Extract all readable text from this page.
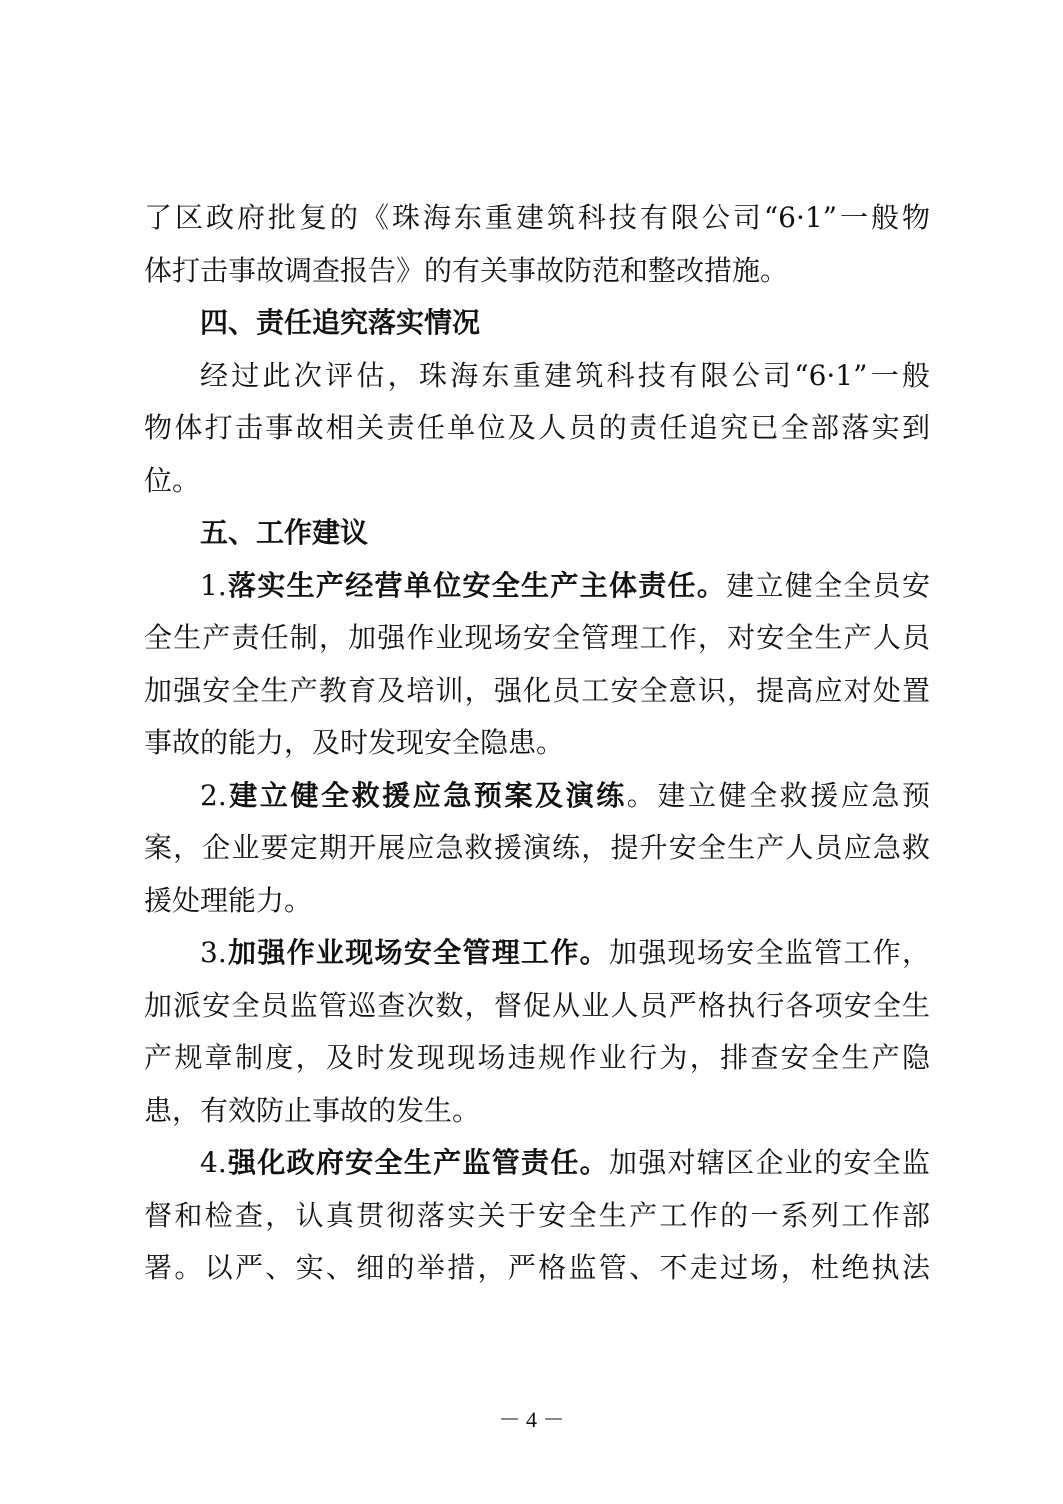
了区政府批复的《珠海东重建筑科技有限公司“6·1”一般物
体打击事故调查报告》的有关事故防范和整改措施。
四、责任追究落实情况
经过此次评估，珠海东重建筑科技有限公司“6·1”一般
物体打击事故相关责任单位及人员的责任追究已全部落实到
位。
五、工作建议
1.落实生产经营单位安全生产主体责任。建立健全全员安
全生产责任制，加强作业现场安全管理工作，对安全生产人员
加强安全生产教育及培训，强化员工安全意识，提高应对处置
事故的能力，及时发现安全隐患。
2.建立健全救援应急预案及演练。建立健全救援应急预
案，企业要定期开展应急救援演练，提升安全生产人员应急救
援处理能力。
3.加强作业现场安全管理工作。加强现场安全监管工作，
加派安全员监管巡查次数，督促从业人员严格执行各项安全生
产规章制度，及时发现现场违规作业行为，排查安全生产隐
患，有效防止事故的发生。
4.强化政府安全生产监管责任。加强对辖区企业的安全监
督和检查，认真贯彻落实关于安全生产工作的一系列工作部
署。以严、实、细的举措，严格监管、不走过场，杜绝执法
－ 4 －
